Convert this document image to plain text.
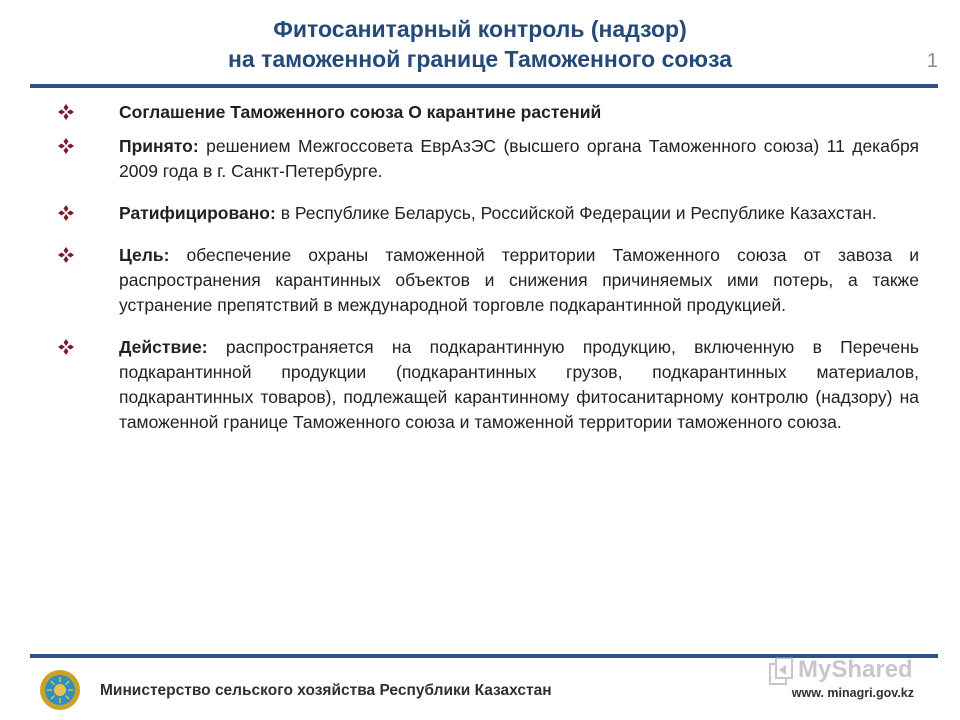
Фитосанитарный контроль (надзор)
на таможенной границе Таможенного союза	1
Соглашение Таможенного союза О карантине растений
Принято: решением Межгоссовета ЕврАзЭС (высшего органа Таможенного союза) 11 декабря 2009 года в г. Санкт-Петербурге.
Ратифицировано: в Республике Беларусь, Российской Федерации и Республике Казахстан.
Цель: обеспечение охраны таможенной территории Таможенного союза от завоза и распространения карантинных объектов и снижения причиняемых ими потерь, а также устранение препятствий в международной торговле подкарантинной продукцией.
Действие: распространяется на подкарантинную продукцию, включенную в Перечень подкарантинной продукции (подкарантинных грузов, подкарантинных материалов, подкарантинных товаров), подлежащей карантинному фитосанитарному контролю (надзору) на таможенной границе Таможенного союза и таможенной территории таможенного союза.
Министерство сельского хозяйства Республики Казахстан
MyShared
www. minagri.gov.kz
